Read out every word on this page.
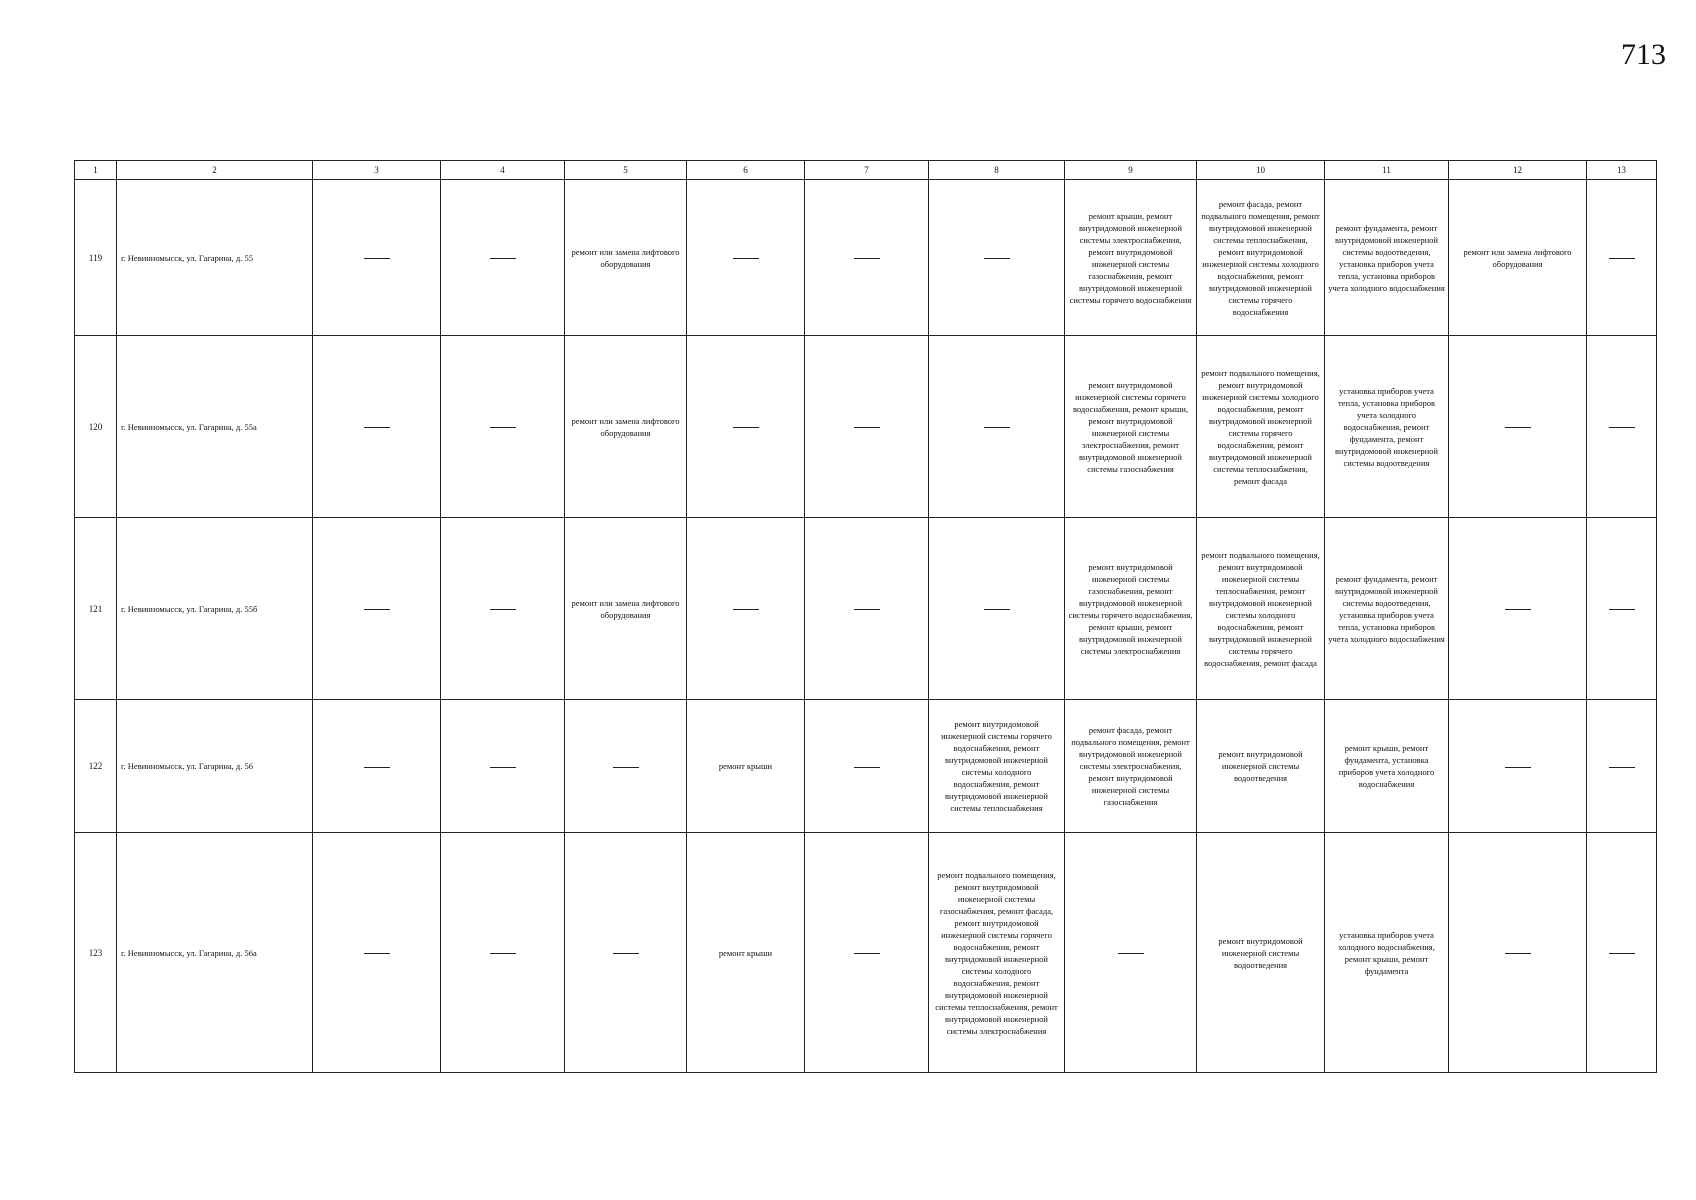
713
1	2	3	4	5	6	7	8	9	10	11	12	13
119	г. Невинномысск, ул. Гагарина, д. 55			ремонт или замена лифтового оборудования				ремонт крыши, ремонт внутридомовой инженерной системы электроснабжения, ремонт внутридомовой инженерной системы газоснабжения, ремонт внутридомовой инженерной системы горячего водоснабжения	ремонт фасада, ремонт подвального помещения, ремонт внутридомовой инженерной системы теплоснабжения, ремонт внутридомовой инженерной системы холодного водоснабжения, ремонт внутридомовой инженерной системы горячего водоснабжения	ремонт фундамента, ремонт внутридомовой инженерной системы водоотведения, установка приборов учета тепла, установка приборов учета холодного водоснабжения	ремонт или замена лифтового оборудования	
120	г. Невинномысск, ул. Гагарина, д. 55а			ремонт или замена лифтового оборудования				ремонт внутридомовой инженерной системы горячего водоснабжения, ремонт крыши, ремонт внутридомовой инженерной системы электроснабжения, ремонт внутридомовой инженерной системы газоснабжения	ремонт подвального помещения, ремонт внутридомовой инженерной системы холодного водоснабжения, ремонт внутридомовой инженерной системы горячего водоснабжения, ремонт внутридомовой инженерной системы теплоснабжения, ремонт фасада	установка приборов учета тепла, установка приборов учета холодного водоснабжения, ремонт фундамента, ремонт внутридомовой инженерной системы водоотведения		
121	г. Невинномысск, ул. Гагарина, д. 55б			ремонт или замена лифтового оборудования				ремонт внутридомовой инженерной системы газоснабжения, ремонт внутридомовой инженерной системы горячего водоснабжения, ремонт крыши, ремонт внутридомовой инженерной системы электроснабжения	ремонт подвального помещения, ремонт внутридомовой инженерной системы теплоснабжения, ремонт внутридомовой инженерной системы холодного водоснабжения, ремонт внутридомовой инженерной системы горячего водоснабжения, ремонт фасада	ремонт фундамента, ремонт внутридомовой инженерной системы водоотведения, установка приборов учета тепла, установка приборов учета холодного водоснабжения		
122	г. Невинномысск, ул. Гагарина, д. 56				ремонт крыши		ремонт внутридомовой инженерной системы горячего водоснабжения, ремонт внутридомовой инженерной системы холодного водоснабжения, ремонт внутридомовой инженерной системы теплоснабжения	ремонт фасада, ремонт подвального помещения, ремонт внутридомовой инженерной системы электроснабжения, ремонт внутридомовой инженерной системы газоснабжения	ремонт внутридомовой инженерной системы водоотведения	ремонт крыши, ремонт фундамента, установка приборов учета холодного водоснабжения		
123	г. Невинномысск, ул. Гагарина, д. 56а				ремонт крыши		ремонт подвального помещения, ремонт внутридомовой инженерной системы газоснабжения, ремонт фасада, ремонт внутридомовой инженерной системы горячего водоснабжения, ремонт внутридомовой инженерной системы холодного водоснабжения, ремонт внутридомовой инженерной системы теплоснабжения, ремонт внутридомовой инженерной системы электроснабжения		ремонт внутридомовой инженерной системы водоотведения	установка приборов учета холодного водоснабжения, ремонт крыши, ремонт фундамента		
